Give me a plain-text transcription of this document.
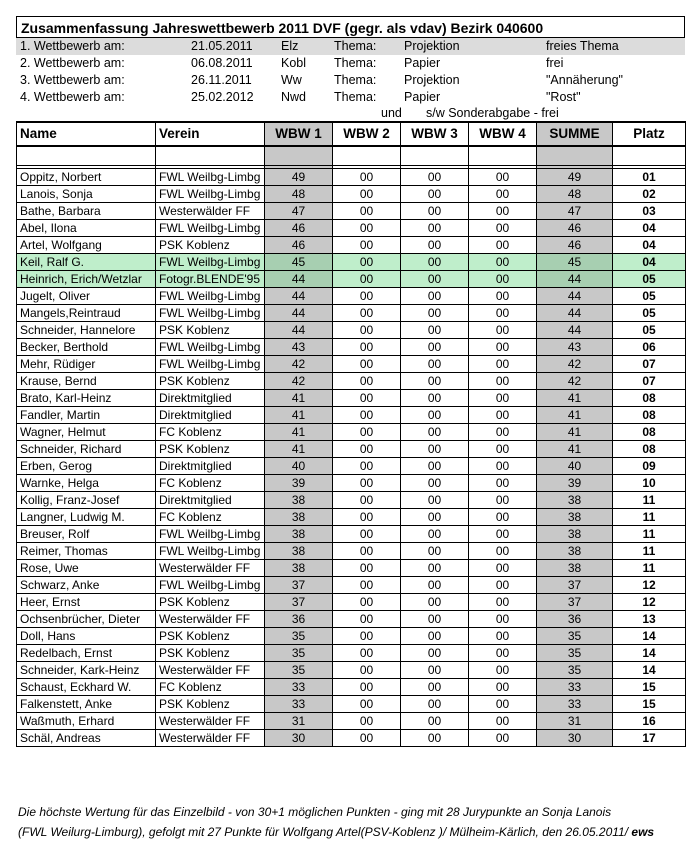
Zusammenfassung Jahreswettbewerb 2011 DVF (gegr. als vdav) Bezirk 040600
1. Wettbewerb am:	21.05.2011 Elz	Thema: Projektion	freies Thema
2. Wettbewerb am:	06.08.2011 Kobl Thema: Papier	frei
3. Wettbewerb am:	26.11.2011 Ww	Thema: Projektion	"Annäherung"
4. Wettbewerb am:	25.02.2012 Nwd Thema: Papier	"Rost"
und s/w Sonderabgabe - frei
Name	Verein	WBW 1	WBW 2	WBW 3	WBW 4	SUMME	Platz

Oppitz, Norbert	FWL Weilbg-Limbg	49	00	00	00	49	01
Lanois, Sonja	FWL Weilbg-Limbg	48	00	00	00	48	02
Bathe, Barbara	Westerwälder FF	47	00	00	00	47	03
Abel, Ilona	FWL Weilbg-Limbg	46	00	00	00	46	04
Artel, Wolfgang	PSK Koblenz	46	00	00	00	46	04
Keil, Ralf G.	FWL Weilbg-Limbg	45	00	00	00	45	04
Heinrich, Erich/Wetzlar	Fotogr.BLENDE'95	44	00	00	00	44	05
Jugelt, Oliver	FWL Weilbg-Limbg	44	00	00	00	44	05
Mangels,Reintraud	FWL Weilbg-Limbg	44	00	00	00	44	05
Schneider, Hannelore	PSK Koblenz	44	00	00	00	44	05
Becker, Berthold	FWL Weilbg-Limbg	43	00	00	00	43	06
Mehr, Rüdiger	FWL Weilbg-Limbg	42	00	00	00	42	07
Krause, Bernd	PSK Koblenz	42	00	00	00	42	07
Brato, Karl-Heinz	Direktmitglied	41	00	00	00	41	08
Fandler, Martin	Direktmitglied	41	00	00	00	41	08
Wagner, Helmut	FC Koblenz	41	00	00	00	41	08
Schneider, Richard	PSK Koblenz	41	00	00	00	41	08
Erben, Gerog	Direktmitglied	40	00	00	00	40	09
Warnke, Helga	FC Koblenz	39	00	00	00	39	10
Kollig, Franz-Josef	Direktmitglied	38	00	00	00	38	11
Langner, Ludwig M.	FC Koblenz	38	00	00	00	38	11
Breuser, Rolf	FWL Weilbg-Limbg	38	00	00	00	38	11
Reimer, Thomas	FWL Weilbg-Limbg	38	00	00	00	38	11
Rose, Uwe	Westerwälder FF	38	00	00	00	38	11
Schwarz, Anke	FWL Weilbg-Limbg	37	00	00	00	37	12
Heer, Ernst	PSK Koblenz	37	00	00	00	37	12
Ochsenbrücher, Dieter	Westerwälder FF	36	00	00	00	36	13
Doll, Hans	PSK Koblenz	35	00	00	00	35	14
Redelbach, Ernst	PSK Koblenz	35	00	00	00	35	14
Schneider, Kark-Heinz	Westerwälder FF	35	00	00	00	35	14
Schaust, Eckhard W.	FC Koblenz	33	00	00	00	33	15
Falkenstett, Anke	PSK Koblenz	33	00	00	00	33	15
Waßmuth, Erhard	Westerwälder FF	31	00	00	00	31	16
Schäl, Andreas	Westerwälder FF	30	00	00	00	30	17
Die höchste Wertung für das Einzelbild - von 30+1 möglichen Punkten - ging mit 28 Jurypunkte an Sonja Lanois
(FWL Weilurg-Limburg), gefolgt mit 27 Punkte für Wolfgang Artel(PSV-Koblenz )/ Mülheim-Kärlich, den 26.05.2011/ ews
